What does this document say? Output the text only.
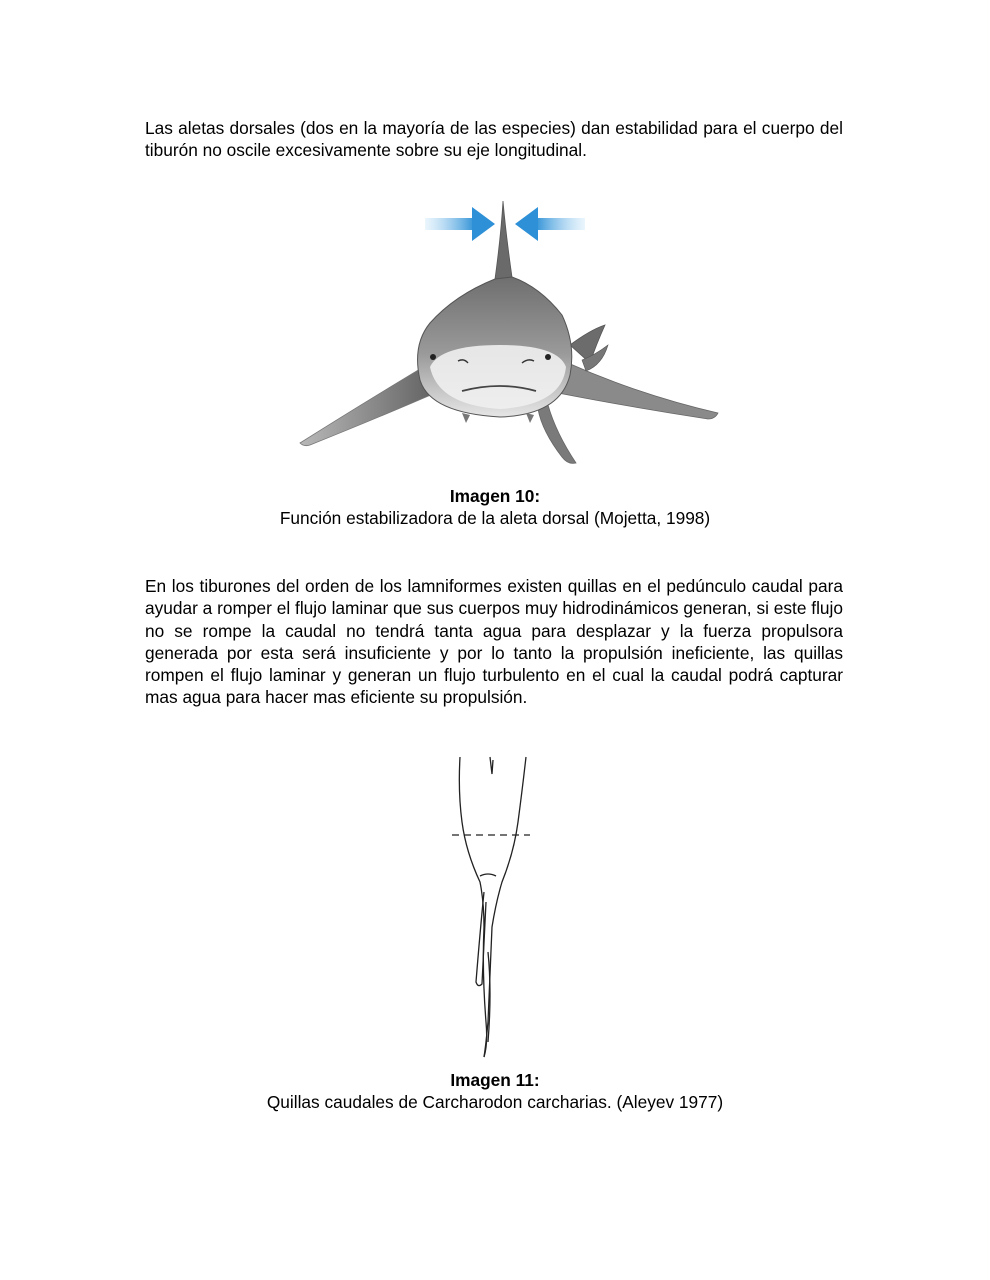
Las aletas dorsales (dos en la mayoría de las especies) dan estabilidad para el cuerpo del tiburón no oscile excesivamente sobre su eje longitudinal.

Imagen 10:
Función estabilizadora de la aleta dorsal (Mojetta, 1998)

En los tiburones del orden de los lamniformes existen quillas en el pedúnculo caudal para ayudar a romper el flujo laminar que sus cuerpos muy hidrodinámicos generan, si este flujo no se rompe la caudal no tendrá tanta agua para desplazar y la fuerza propulsora generada por esta será insuficiente y por lo tanto la propulsión ineficiente, las quillas rompen el flujo laminar y generan un flujo turbulento en el cual la caudal podrá capturar mas agua para hacer mas eficiente su propulsión.

Imagen 11:
Quillas caudales de Carcharodon carcharias. (Aleyev 1977)
